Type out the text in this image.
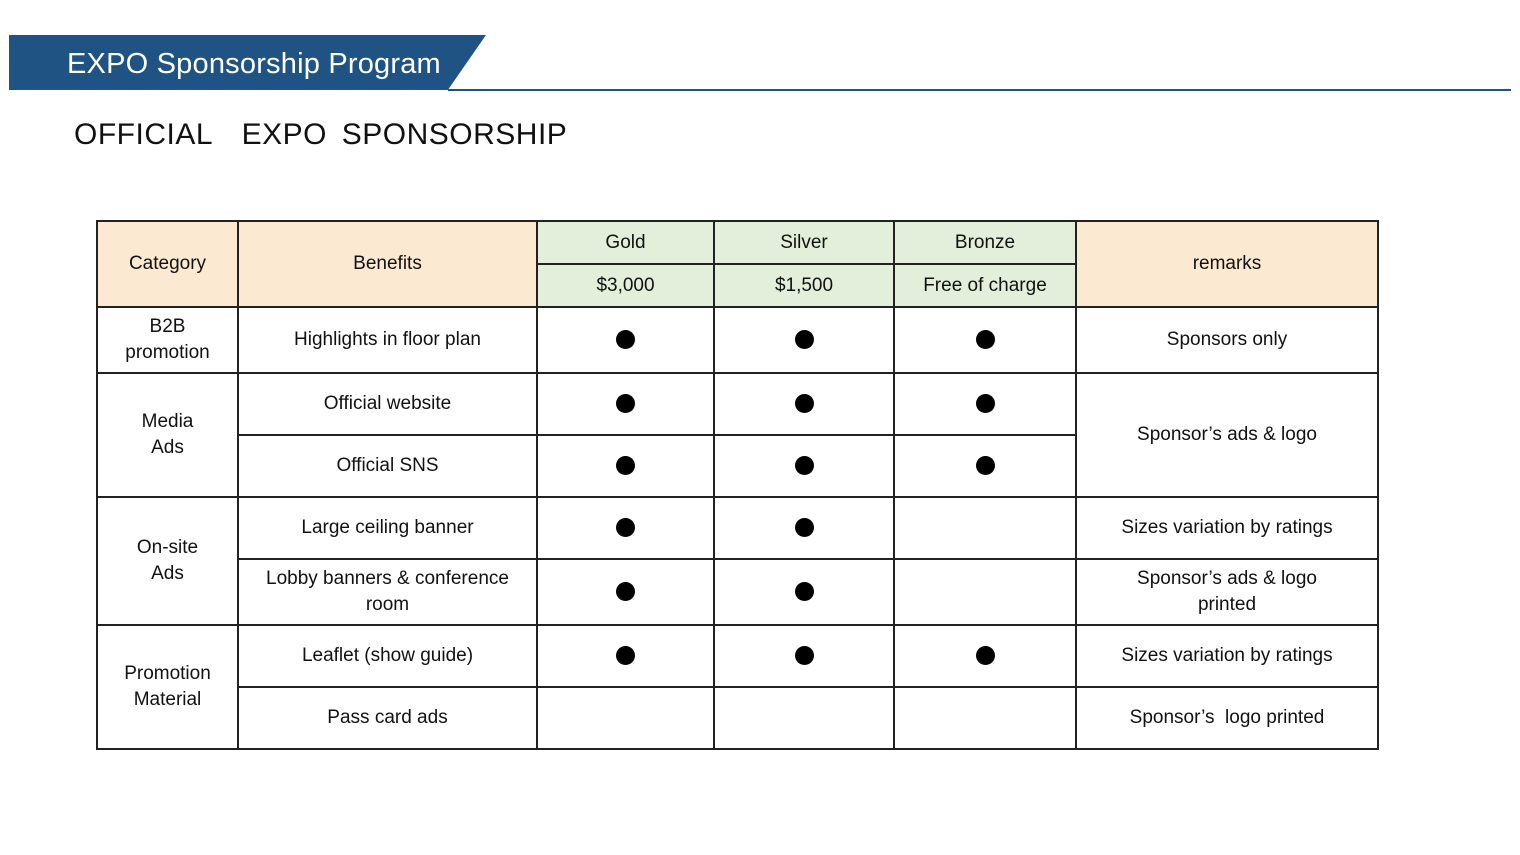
EXPO Sponsorship Program
OFFICIAL  EXPO SPONSORSHIP
Category	Benefits	Gold	Silver	Bronze	remarks
		$3,000	$1,500	Free of charge	
B2B promotion	Highlights in floor plan				Sponsors only
Media Ads	Official website				Sponsor’s ads & logo
	Official SNS				
On-site Ads	Large ceiling banner				Sizes variation by ratings
	Lobby banners & conference room				Sponsor’s ads & logo printed
Promotion Material	Leaflet (show guide)				Sizes variation by ratings
	Pass card ads				Sponsor’s  logo printed
